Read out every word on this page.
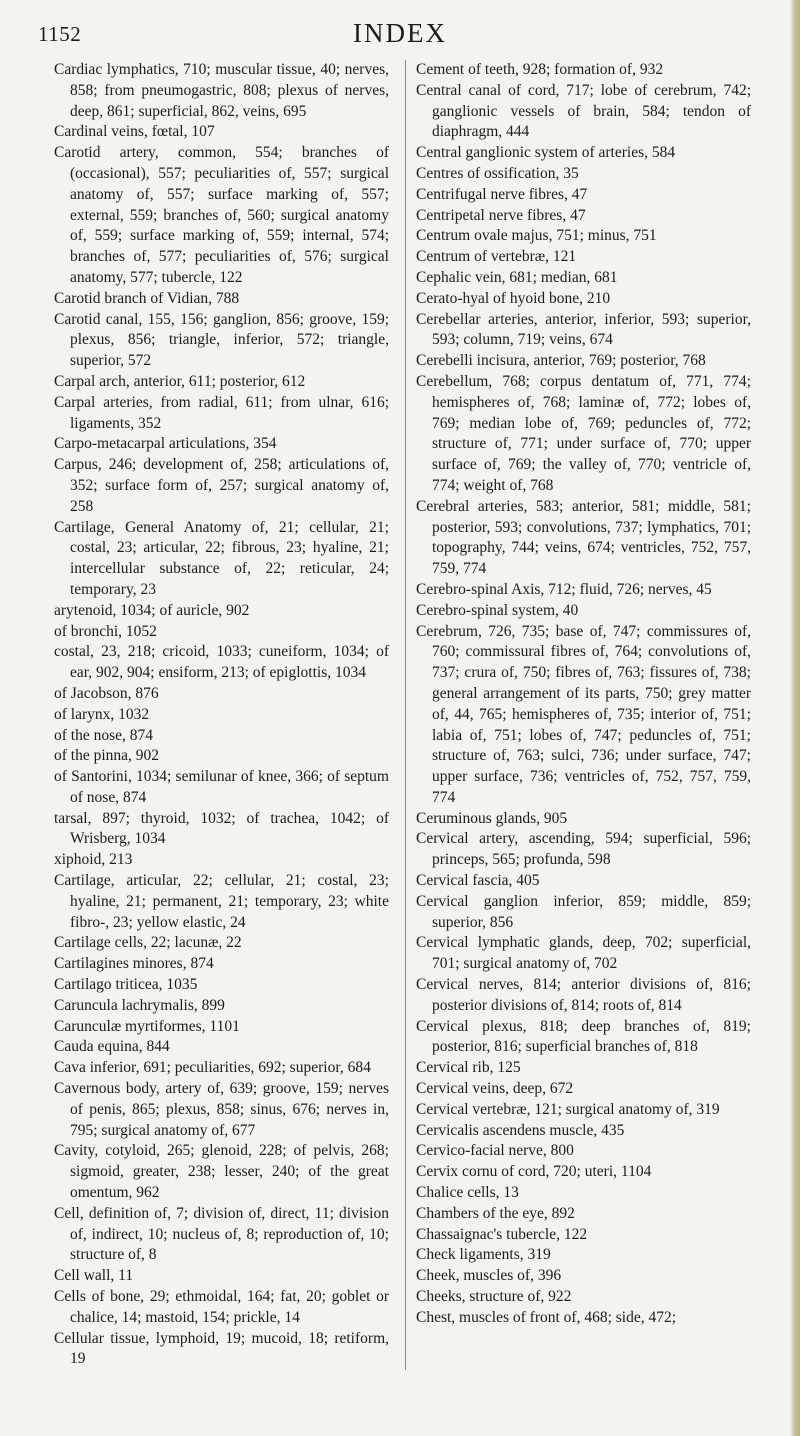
1152	INDEX

Cardiac lymphatics, 710; muscular tissue, 40; nerves, 858; from pneumogastric, 808; plexus of nerves, deep, 861; superficial, 862, veins, 695

Cardinal veins, fœtal, 107

Carotid artery, common, 554; branches of (occasional), 557; peculiarities of, 557; surgical anatomy of, 557; surface marking of, 557; external, 559; branches of, 560; surgical anatomy of, 559; surface marking of, 559; internal, 574; branches of, 577; peculiarities of, 576; surgical anatomy, 577; tubercle, 122

Carotid branch of Vidian, 788

Carotid canal, 155, 156; ganglion, 856; groove, 159; plexus, 856; triangle, inferior, 572; triangle, superior, 572

Carpal arch, anterior, 611; posterior, 612

Carpal arteries, from radial, 611; from ulnar, 616; ligaments, 352

Carpo-metacarpal articulations, 354

Carpus, 246; development of, 258; articulations of, 352; surface form of, 257; surgical anatomy of, 258

Cartilage, General Anatomy of, 21; cellular, 21; costal, 23; articular, 22; fibrous, 23; hyaline, 21; intercellular substance of, 22; reticular, 24; temporary, 23

arytenoid, 1034; of auricle, 902

of bronchi, 1052

costal, 23, 218; cricoid, 1033; cuneiform, 1034; of ear, 902, 904; ensiform, 213; of epiglottis, 1034

of Jacobson, 876

of larynx, 1032

of the nose, 874

of the pinna, 902

of Santorini, 1034; semilunar of knee, 366; of septum of nose, 874

tarsal, 897; thyroid, 1032; of trachea, 1042; of Wrisberg, 1034

xiphoid, 213

Cartilage, articular, 22; cellular, 21; costal, 23; hyaline, 21; permanent, 21; temporary, 23; white fibro-, 23; yellow elastic, 24

Cartilage cells, 22; lacunæ, 22

Cartilagines minores, 874

Cartilago triticea, 1035

Caruncula lachrymalis, 899

Carunculæ myrtiformes, 1101

Cauda equina, 844

Cava inferior, 691; peculiarities, 692; superior, 684

Cavernous body, artery of, 639; groove, 159; nerves of penis, 865; plexus, 858; sinus, 676; nerves in, 795; surgical anatomy of, 677

Cavity, cotyloid, 265; glenoid, 228; of pelvis, 268; sigmoid, greater, 238; lesser, 240; of the great omentum, 962

Cell, definition of, 7; division of, direct, 11; division of, indirect, 10; nucleus of, 8; reproduction of, 10; structure of, 8

Cell wall, 11

Cells of bone, 29; ethmoidal, 164; fat, 20; goblet or chalice, 14; mastoid, 154; prickle, 14

Cellular tissue, lymphoid, 19; mucoid, 18; retiform, 19

Cement of teeth, 928; formation of, 932

Central canal of cord, 717; lobe of cerebrum, 742; ganglionic vessels of brain, 584; tendon of diaphragm, 444

Central ganglionic system of arteries, 584

Centres of ossification, 35

Centrifugal nerve fibres, 47

Centripetal nerve fibres, 47

Centrum ovale majus, 751; minus, 751

Centrum of vertebræ, 121

Cephalic vein, 681; median, 681

Cerato-hyal of hyoid bone, 210

Cerebellar arteries, anterior, inferior, 593; superior, 593; column, 719; veins, 674

Cerebelli incisura, anterior, 769; posterior, 768

Cerebellum, 768; corpus dentatum of, 771, 774; hemispheres of, 768; laminæ of, 772; lobes of, 769; median lobe of, 769; peduncles of, 772; structure of, 771; under surface of, 770; upper surface of, 769; the valley of, 770; ventricle of, 774; weight of, 768

Cerebral arteries, 583; anterior, 581; middle, 581; posterior, 593; convolutions, 737; lymphatics, 701; topography, 744; veins, 674; ventricles, 752, 757, 759, 774

Cerebro-spinal Axis, 712; fluid, 726; nerves, 45

Cerebro-spinal system, 40

Cerebrum, 726, 735; base of, 747; commissures of, 760; commissural fibres of, 764; convolutions of, 737; crura of, 750; fibres of, 763; fissures of, 738; general arrangement of its parts, 750; grey matter of, 44, 765; hemispheres of, 735; interior of, 751; labia of, 751; lobes of, 747; peduncles of, 751; structure of, 763; sulci, 736; under surface, 747; upper surface, 736; ventricles of, 752, 757, 759, 774

Ceruminous glands, 905

Cervical artery, ascending, 594; superficial, 596; princeps, 565; profunda, 598

Cervical fascia, 405

Cervical ganglion inferior, 859; middle, 859; superior, 856

Cervical lymphatic glands, deep, 702; superficial, 701; surgical anatomy of, 702

Cervical nerves, 814; anterior divisions of, 816; posterior divisions of, 814; roots of, 814

Cervical plexus, 818; deep branches of, 819; posterior, 816; superficial branches of, 818

Cervical rib, 125

Cervical veins, deep, 672

Cervical vertebræ, 121; surgical anatomy of, 319

Cervicalis ascendens muscle, 435

Cervico-facial nerve, 800

Cervix cornu of cord, 720; uteri, 1104

Chalice cells, 13

Chambers of the eye, 892

Chassaignac's tubercle, 122

Check ligaments, 319

Cheek, muscles of, 396

Cheeks, structure of, 922

Chest, muscles of front of, 468; side, 472;
